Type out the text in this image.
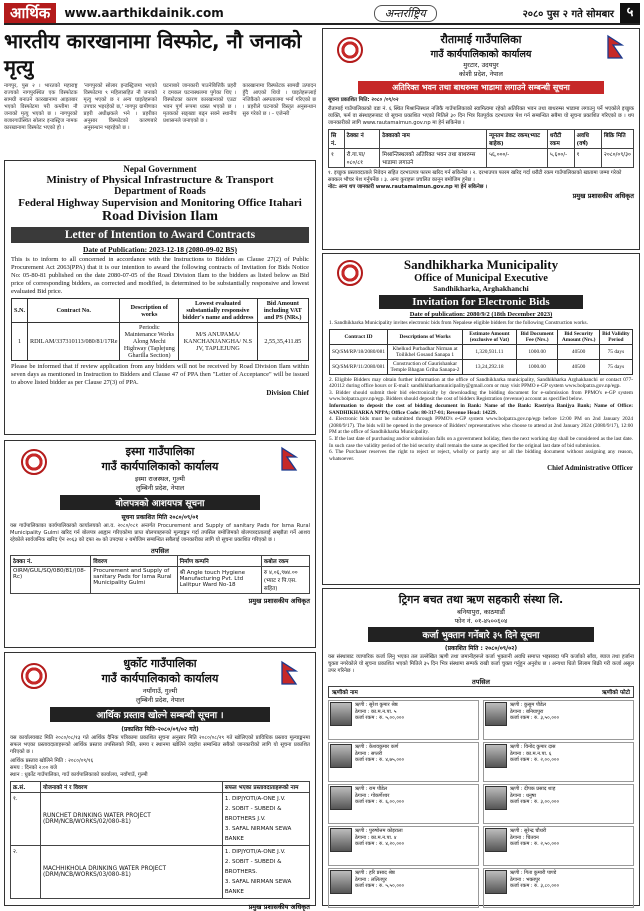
आर्थिक	www.aarthikdainik.com	अन्तर्राष्ट्रिय	२०८० पुस २ गते सोमबार ५
भारतीय कारखानामा विस्फोट, नौ जनाको मृत्यु

नागपुर, पुस २ । भारतको महाराष्ट्र राज्यको नागपुरस्थित एक विस्फोटक सामग्री बनाउने कारखानामा आइतबार भएको विस्फोटमा परी कम्तीमा नौ जनाको मृत्यु भएको छ । नागपुरको बजारगाउँस्थित सोलार इन्डस्ट्रिज नामक कारखानामा विस्फोट भएको हो ।

'नागपुरको सोलार इन्डस्ट्रिजमा भएको विस्फोटमा ९ महिलासहित नौ जनाको मृत्यु भएको छ र अन्य घाइतेहरूको उपचार भइरहेको छ,' नागपुर ग्रामीणका प्रहरी अधीक्षकले भने । प्रहरीका अनुसार विस्फोटको कारणबारे अनुसन्धान भइरहेको छ ।

घटनाबारे जानकारी पाउनेबित्तिकै प्रहरी र दमकल घटनास्थलमा पुगेका थिए । विस्फोटका कारण कारखानाको एउटा भवन पूर्ण रूपमा ध्वस्त भएको छ । मृतकको सङ्ख्या बढ्न सक्ने स्थानीय प्रशासनले जनाएको छ ।

कारखानामा विस्फोटक सामग्री उत्पादन हुँदै आएको थियो । घाइतेहरूलाई नजिकैको अस्पतालमा भर्ना गरिएको छ । प्रहरीले घटनाको विस्तृत अनुसन्धान सुरु गरेको छ । – एजेन्सी

Nepal Government
Ministry of Physical Infrastructure & Transport
Department of Roads
Federal Highway Supervision and Monitoring Office Itahari
Road Division Ilam
Letter of Intention to Award Contracts
Date of Publication: 2023-12-18 (2080-09-02 BS)
This is to inform to all concerned in accordance with the Instructions to Bidders as Clause 27(2) of Public Procurement Act 2063(PPA) that it is our intention to award the following contracts of Invitation for Bids Notice No: 05-80-81 published on the date 2080-07-05 of the Road Division Ilam to the bidders as listed below as Bid price of corresponding bidders, as corrected and modified, is determined to be substantially responsive and lowest evaluated Bid price.
S.N.	Contract No.	Description of works	Lowest evaluated substantially responsive bidder's name and address	Bid Amount including VAT and PS (NRs.)
1	RDILAM/337310113/080/81/17Re	Periodic Maintenance Works Along Mechi Highway (Taplejung Gharilla Section)	M/S ANUPAMA/ KANCHANJANGHA/ N.S JV, TAPLEJUNG	2,55,35,411.85
Please be informed that if review application from any bidders will not be received by Road Division Ilam within seven days as mentioned in Instruction to Bidders and Clause 47 of PPA then "Letter of Acceptance" will be issued to above listed bidder as per Clause 27(3) of PPA.
Division Chief
इस्मा गाउँपालिका
गाउँ कार्यपालिकाको कार्यालय
इस्मा राजस्थल, गुल्मी
लुम्बिनी प्रदेश, नेपाल
बोलपत्रको आशयपत्र सूचना
सूचना प्रकाशित मिति २०८०/०९/०१
यस गाउँपालिकाका कार्यपालिकाको कार्यालयको आ.व. २०८०/०८१ अन्तर्गत Procurement and Supply of sanitary Pads for Isma Rural Municipality Gulmi खरिद गर्न बोलपत्र आह्वान गरिएकोमा प्राप्त बोलपत्रहरूको मूल्याङ्कन गर्दा तपसिल बमोजिमको बोलपत्रदातालाई सम्झौता गर्ने आशय रहेकोले सार्वजनिक खरिद ऐन २०६३ को दफा २७ को उपदफा २ बमोजिम सम्बन्धित सबैलाई जानकारीका लागि यो सूचना प्रकाशित गरिएको छ ।
तपसिल
ठेक्का नं.	विवरण	निर्माण कम्पनि	कबोल रकम
OIRM/GUL/SQ/080/81/(08-Rc)	Procurement and Supply of sanitary Pads for Isma Rural Municipality Gulmi	श्री Angle touch Hygiene Manufacturing Pvt. Ltd Lalitpur Ward No-18	रु ४,०६,९७४.०० (भ्याट र पि.एस. सहित)
प्रमुख प्रशासकीय अधिकृत
धुर्कोट गाउँपालिका
गाउँ कार्यपालिकाको कार्यालय
नयाँगाउँ, गुल्मी
लुम्बिनी प्रदेश, नेपाल
आर्थिक प्रस्ताव खोल्ने सम्बन्धी सूचना ।
(प्रकाशित मिति–२०८०/०९/०२ गते)
यस कार्यालयबाट मिति २०८०/०८/१३ गते आर्थिक दैनिक पत्रिकामा प्रकाशित सूचना अनुसार मिति २०८०/०८/२९ गते खोलिएको प्राविधिक प्रस्ताव मूल्याङ्कनमा सफल भएका प्रस्तावदाताहरूको आर्थिक प्रस्ताव तपसिलको मिति, समय र स्थानमा खोलिने व्यहोरा सम्बन्धित सबैको जानकारीको लागि यो सूचना प्रकाशित गरिएको छ ।
आर्थिक प्रस्ताव खोलिने मिति : २०८०/०९/१६
समय : दिनको २:०० बजे
स्थान : धुर्कोट गाउँपालिका, गाउँ कार्यपालिकाको कार्यालय, नयाँगाउँ, गुल्मी
क्र.सं.	योजनाको नं र विवरण	सफल भएका प्रस्तावदाताहरूको नाम
१.	RUNCHET DRINKING WATER PROJECT (DRM/NCB/WORKS/02/080-81)	1. DIPJYOTI/A-ONE J.V.
2. SOBIT - SUBEDI & BROTHERS J.V.
3. SAFAL NIRMAN SEWA BANKE

२.	MACHHIKHOLA DRINKING WATER PROJECT (DRM/NCB/WORKS/03/080-81)	1. DIPJYOTI/A-ONE J.V.
2. SOBIT - SUBEDI & BROTHERS.
3. SAFAL NIRMAN SEWA BANKE
प्रमुख प्रशासकीय अधिकृत
रौतामाई गाउँपालिका
गाउँ कार्यपालिकाको कार्यालय
मुरटार, उदयपुर
कोशी प्रदेश, नेपाल
अतिरिक्त भवन तथा बाथरुम्स भाडामा लगाउने सम्बन्धी सूचना
सूचना प्रकाशित मिति: २०८० /०९/०२
रौतामाई गाउँपालिकाको वडा नं. ६ स्थित मिश्रान्तिस्थल नजिकै गाउँपालिकाको स्वामित्वमा रहेको अतिरिक्त भवन तथा बाथरुम्स भाडामा लगाउनु पर्ने भएकोले इच्छुक व्यक्ति, फर्म वा संस्थाहरूबाट यो सूचना प्रकाशित भएको मितिले ३० दिन भित्र रितपूर्वक दरभाउपत्र पेश गर्न सम्बन्धित सबैमा यो सूचना प्रकाशित गरिएको छ । थप जानकारीको लागि www.rautamaimun.gov.np मा हेर्न सकिनेछ ।
सि नं.	ठेक्का नं	ठेक्काको नाम	न्यूनतम डेकट रकम(भ्याट बाहेक)	धरौटी रकम	अवधि (वर्ष)	बिक्रि मिति
१	रौ.गा.पा/०८०/८१	मिश्रान्तिस्थलको अतिरिक्त भवन तथा बाथरुम्स भाडामा लगाउने	५६,०००/-	५,६००/-	१	२०८०/०९/३०
१. इच्छुक प्रस्तावदाताले निवेदन सहित दरभाउपत्र फारम खरिद गर्न सकिनेछ । २. दरभाउपत्र फारम खरिद गर्दा धरौटी रकम गाउँपालिकाको खातामा जम्मा गरेको सक्कल भौचर पेश गर्नुपर्नेछ । ३. अन्य कुराहरू प्रचलित कानून बमोजिम हुनेछ ।
नोट: अन्य थप जानकारी www.rautamaimun.gov.np मा हेर्न सकिनेछ ।
प्रमुख प्रशासकीय अधिकृत
Sandhikharka Municipality
Office of Municipal Executive
Sandhikharka, Arghakhanchi
Invitation for Electronic Bids
Date of publication: 2080/9/2 (18th December 2023)
1. Sandhikharka Municipality invites electronic bids from Nepalese eligible bidders for the following Construction works.
Contract ID	Descriptions of Works	Estimate Amount (exclusive of Vat)	Bid Document Fee (Nrs.)	Bid Security Amount (Nrs.)	Bid Validity Period
SQ/SM/RP/18/2080/081	Khelkud Purbadhar Nirman at Toilikhel Gosaud Sanapa 1	1,320,931.11	1000.00	40500	75 days
SQ/SM/RP/11/2080/081	Construction of Gaurishankar Temple Bhagan Griha Sanapa-2	13,24,292.18	1000.00	40500	75 days
2. Eligible Bidders may obtain further information at the office of Sandhikharka municipality, Sandhikharka Arghakhanchi or contact 077-420112 during office hours or E-mail: sandhikharkamunicipality@gmail.com or may visit PPMO e-GP system www.bolpatra.gov.np/egp.
3. Bidder should submit their bid electronically by downloading the bidding document for e-submission from PPMO's e-GP system www.bolpatra.gov.np/egp. Bidders should deposit the cost of bidders Registration (revenue) account as specified below.
Information to deposit the cost of bidding document in Bank: Name of the Bank: Rastriya Banijya Bank; Name of Office: SANDHIKHARKA NPPA; Office Code: 80-317-01; Revenue Head: 14229.
4. Electronic bids must be submitted through PPMO's e-GP system www.bolpatra.gov.np/egp before 12:00 PM on 2nd January 2024 (2080/9/17). The bids will be opened in the presence of Bidders' representatives who choose to attend at 2nd January 2024 (2080/9/17), 12:00 PM at the office of Sandhikharka Municipality.
5. If the last date of purchasing and/or submission falls on a government holiday, then the next working day shall be considered as the last date. In such case the validity period of the bid security shall remain the same as specified for the original last date of bid submission.
6. The Purchaser reserves the right to reject or reject, wholly or partly any or all the bidding document without assigning any reason, whatsoever.
Chief Administrative Officer
ट्रिगन बचत तथा ऋण सहकारी संस्था लि.
बनियापुरा, काठमाडौं
फोन नं. ०१-४५००६०४
कर्जा भुक्तान गर्नेबारे ३५ दिने सूचना
(प्रकाशित मिति : २०८०/०९/०२)
यस संस्थाबाट व्यापारिक कर्जा लिनु भएका तल उल्लेखित ऋणी तथा जमानीहरूले कर्जा भुक्तानी अवधि समाप्त भइसक्दा पनि कर्जाको साँवा, ब्याज तथा हर्जाना चुक्ता नगरेकोले यो सूचना प्रकाशित भएको मितिले ३५ दिन भित्र संस्थामा सम्पर्क राखी कर्जा चुक्ता गर्नुहुन अनुरोध छ । अन्यथा धितो लिलाम बिक्री गरी कर्जा असुल उपर गरिनेछ ।
तपसिल
ऋणीको नाम	ऋणीको फोटो
ऋणी : सुरेश कुमार श्रेष्ठ
ठेगाना : का.म.न.पा. ५
कर्जा रकम : रु. ५,००,०००
ऋणी : कुसुम पौडेल
ठेगाना : बनियापुरा
कर्जा रकम : रु. ३,५०,०००
ऋणी : केशवकुमार कर्ण
ठेगाना : सप्तरी
कर्जा रकम : रु. ४,७५,०००
ऋणी : विनोद कुमार दास
ठेगाना : का.म.न.पा. ६
कर्जा रकम : रु. २,००,०००
ऋणी : राम पौडेल
ठेगाना : गोकर्णेश्वर
कर्जा रकम : रु. ६,००,०००
ऋणी : दीपक प्रसाद शाह
ठेगाना : धनुषा
कर्जा रकम : रु. ३,००,०००
ऋणी : पुरुषोत्तम कोइराला
ठेगाना : का.म.न.पा. ४
कर्जा रकम : रु. ४,२०,०००
ऋणी : सुरेन्द्र चौधरी
ठेगाना : चितवन
कर्जा रकम : रु. २,५०,०००
ऋणी : हरि प्रसाद श्रेष्ठ
ठेगाना : ललितपुर
कर्जा रकम : रु. ५,५०,०००
ऋणी : गिता कुमारी पाण्डे
ठेगाना : भक्तपुर
कर्जा रकम : रु. ३,८०,०००
